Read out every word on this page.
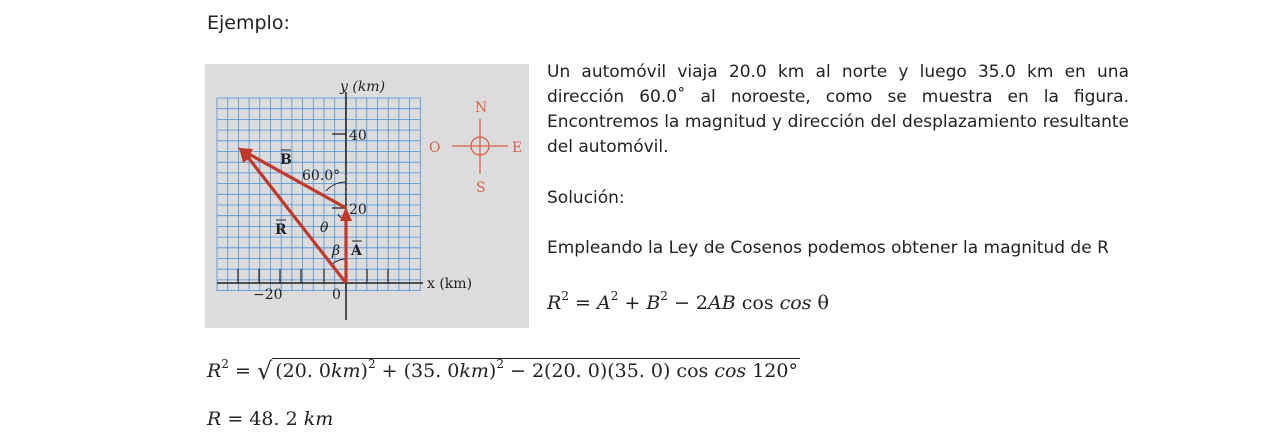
Ejemplo:
y (km)
x (km)
40
20
−20	0
60.0°
B
R
A
θ
β
N
S
E
O
Un automóvil viaja 20.0 km al norte y luego 35.0 km en una dirección 60.0˚ al noroeste, como se muestra en la figura. Encontremos la magnitud y dirección del desplazamiento resultante del automóvil.
Solución:
Empleando la Ley de Cosenos podemos obtener la magnitud de R
$R^2 = A^2 + B^2 - 2AB$ cos cos θ
$R^2$ = √ (20. 0km)$^2$ + (35. 0km)$^2$ − 2(20. 0)(35. 0) cos cos 120°
R = 48. 2 km
